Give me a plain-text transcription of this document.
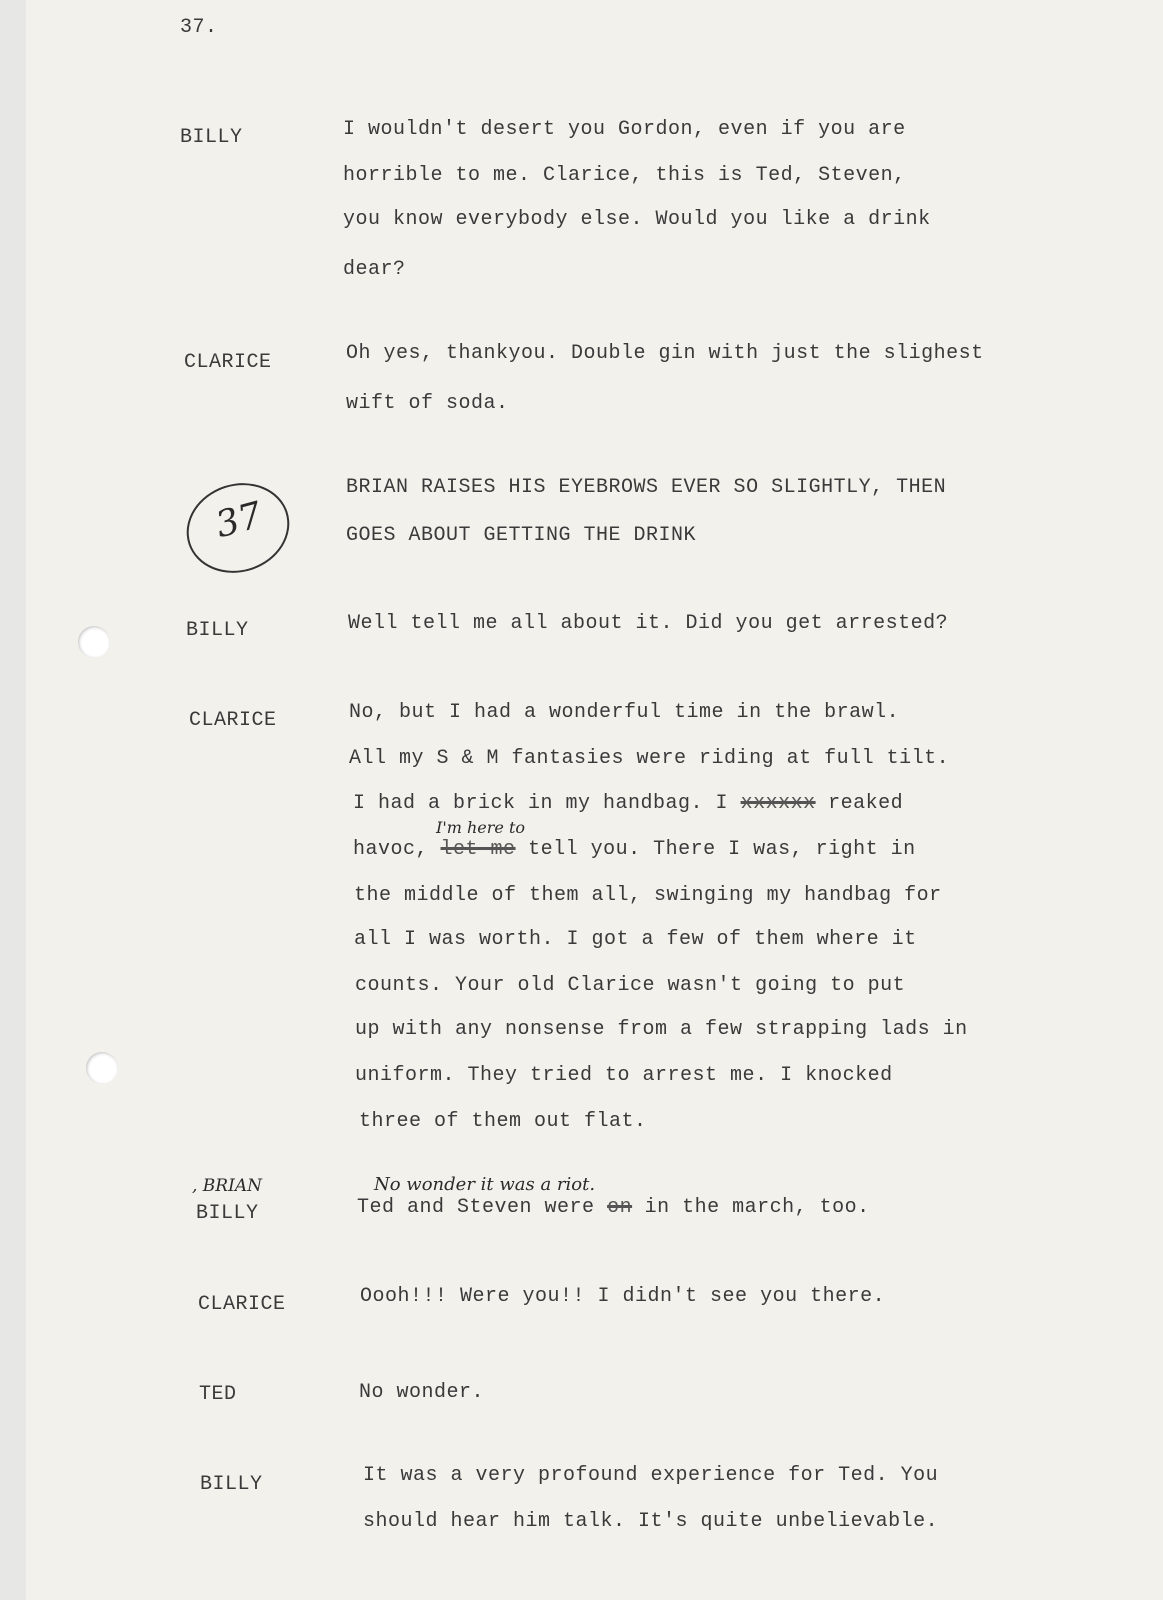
37.
BILLY	I wouldn't desert you Gordon, even if you are
horrible to me. Clarice, this is Ted, Steven,
you know everybody else. Would you like a drink
dear?
CLARICE	Oh yes, thankyou. Double gin with just the slighest
wift of soda.
37
BRIAN RAISES HIS EYEBROWS EVER SO SLIGHTLY, THEN
GOES ABOUT GETTING THE DRINK
BILLY	Well tell me all about it. Did you get arrested?
CLARICE	No, but I had a wonderful time in the brawl.
All my S & M fantasies were riding at full tilt.
I had a brick in my handbag. I xxxxxx reaked
I'm here to
havoc, let me tell you. There I was, right in
the middle of them all, swinging my handbag for
all I was worth. I got a few of them where it
counts. Your old Clarice wasn't going to put
up with any nonsense from a few strapping lads in
uniform. They tried to arrest me. I knocked
three of them out flat.
, BRIAN	No wonder it was a riot.
BILLY	Ted and Steven were on in the march, too.
CLARICE	Oooh!!! Were you!! I didn't see you there.
TED	No wonder.
BILLY	It was a very profound experience for Ted. You
should hear him talk. It's quite unbelievable.
